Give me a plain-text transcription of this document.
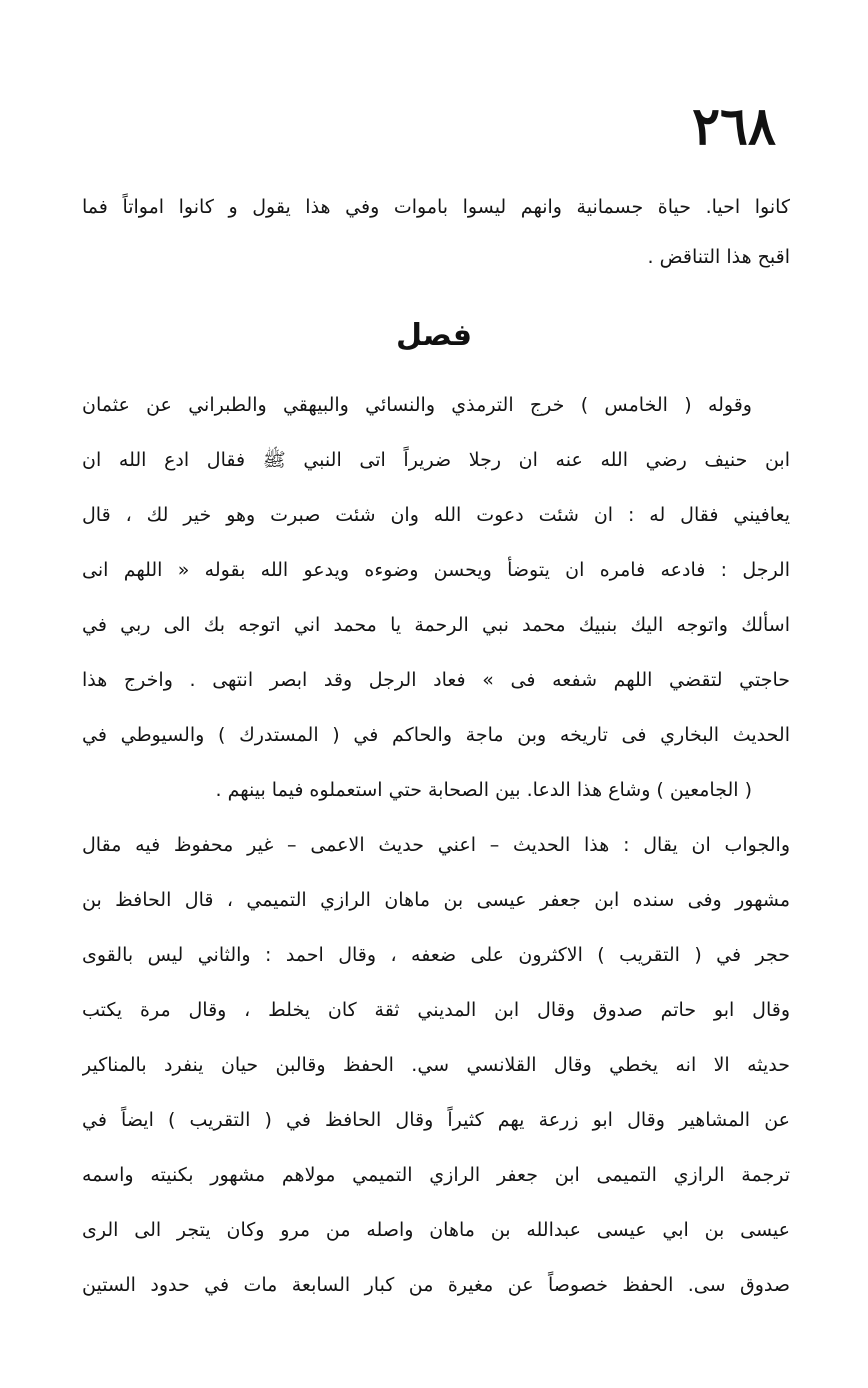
٢٦٨
كانوا احيا. حياة جسمانية وانهم ليسوا باموات وفي هذا يقول و كانوا امواتاً فما
اقبح هذا التناقض .
فصل
وقوله ( الخامس ) خرج الترمذي والنسائي والبيهقي والطبراني عن عثمان
ابن حنيف رضي الله عنه ان رجلا ضريراً اتى النبي ﷺ فقال ادع الله ان
يعافيني فقال له : ان شئت دعوت الله وان شئت صبرت وهو خير لك ، قال
الرجل : فادعه فامره ان يتوضأ ويحسن وضوءه ويدعو الله بقوله « اللهم انى
اسألك واتوجه اليك بنبيك محمد نبي الرحمة يا محمد اني اتوجه بك الى ربي في
حاجتي لتقضي اللهم شفعه فى » فعاد الرجل وقد ابصر انتهى . واخرج هذا
الحديث البخاري فى تاريخه وبن ماجة والحاكم في ( المستدرك ) والسيوطي في
( الجامعين ) وشاع هذا الدعا. بين الصحابة حتي استعملوه فيما بينهم .
والجواب ان يقال : هذا الحديث – اعني حديث الاعمى – غير محفوظ فيه مقال
مشهور وفى سنده ابن جعفر عيسى بن ماهان الرازي التميمي ، قال الحافظ بن
حجر في ( التقريب ) الاكثرون على ضعفه ، وقال احمد : والثاني ليس بالقوى
وقال ابو حاتم صدوق وقال ابن المديني ثقة كان يخلط ، وقال مرة يكتب
حديثه الا انه يخطي وقال القلانسي سي. الحفظ وقالبن حيان ينفرد بالمناكير
عن المشاهير وقال ابو زرعة يهم كثيراً وقال الحافظ في ( التقريب ) ايضاً في
ترجمة الرازي التميمى ابن جعفر الرازي التميمي مولاهم مشهور بكنيته واسمه
عيسى بن ابي عيسى عبدالله بن ماهان واصله من مرو وكان يتجر الى الرى
صدوق سى. الحفظ خصوصاً عن مغيرة من كبار السابعة مات في حدود الستين
